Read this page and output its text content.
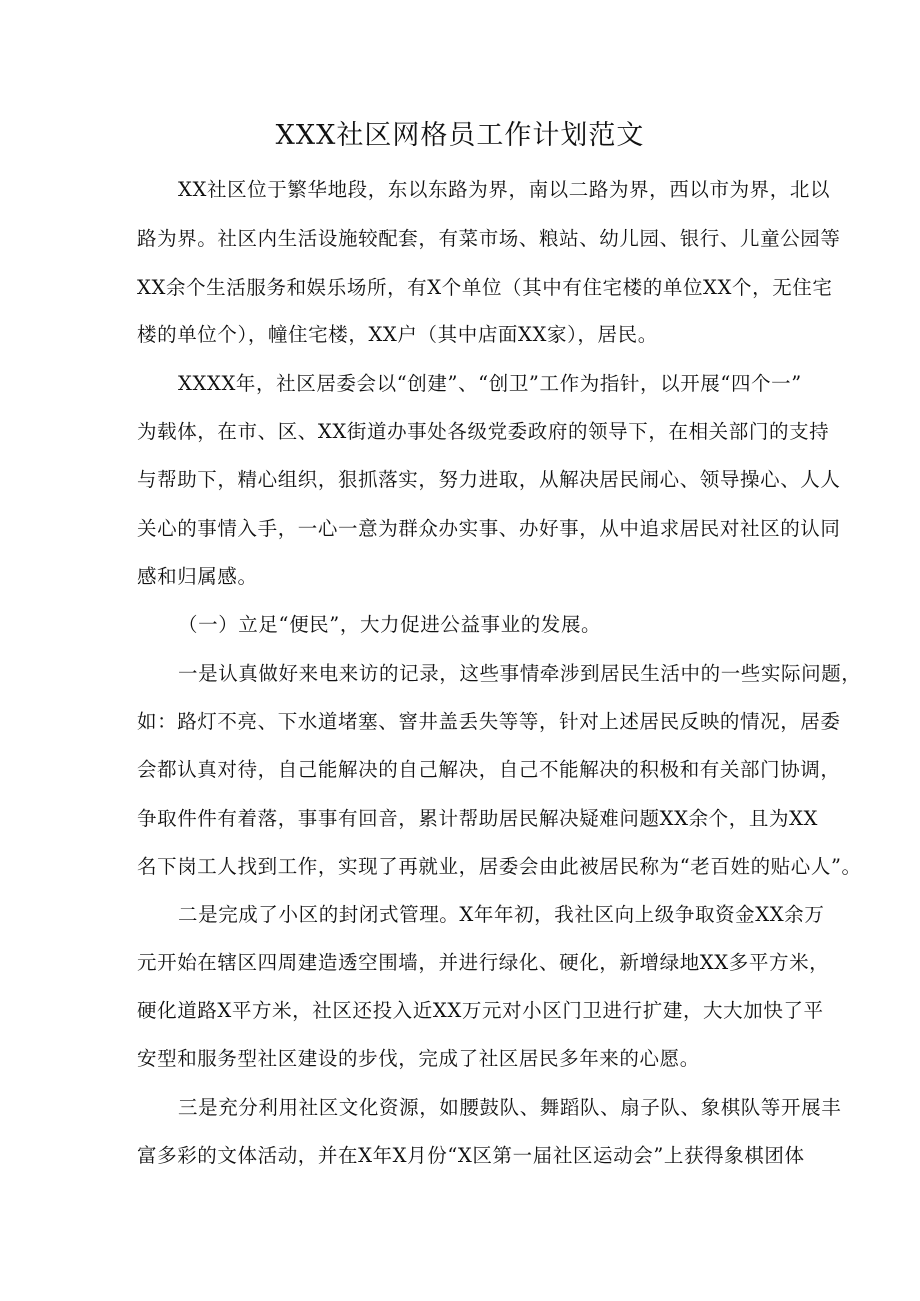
XXX社区网格员工作计划范文
XX社区位于繁华地段，东以东路为界，南以二路为界，西以市为界，北以
路为界。社区内生活设施较配套，有菜市场、粮站、幼儿园、银行、儿童公园等
XX余个生活服务和娱乐场所，有X个单位（其中有住宅楼的单位XX个，无住宅
楼的单位个），幢住宅楼，XX户（其中店面XX家），居民。
XXXX年，社区居委会以“创建”、“创卫”工作为指针，以开展“四个一”
为载体，在市、区、XX街道办事处各级党委政府的领导下，在相关部门的支持
与帮助下，精心组织，狠抓落实，努力进取，从解决居民闹心、领导操心、人人
关心的事情入手，一心一意为群众办实事、办好事，从中追求居民对社区的认同
感和归属感。
（一）立足“便民”，大力促进公益事业的发展。
一是认真做好来电来访的记录，这些事情牵涉到居民生活中的一些实际问题，
如：路灯不亮、下水道堵塞、窨井盖丢失等等，针对上述居民反映的情况，居委
会都认真对待，自己能解决的自己解决，自己不能解决的积极和有关部门协调，
争取件件有着落，事事有回音，累计帮助居民解决疑难问题XX余个，且为XX
名下岗工人找到工作，实现了再就业，居委会由此被居民称为“老百姓的贴心人”。
二是完成了小区的封闭式管理。X年年初，我社区向上级争取资金XX余万
元开始在辖区四周建造透空围墙，并进行绿化、硬化，新增绿地XX多平方米，
硬化道路X平方米，社区还投入近XX万元对小区门卫进行扩建，大大加快了平
安型和服务型社区建设的步伐，完成了社区居民多年来的心愿。
三是充分利用社区文化资源，如腰鼓队、舞蹈队、扇子队、象棋队等开展丰
富多彩的文体活动，并在X年X月份“X区第一届社区运动会”上获得象棋团体
